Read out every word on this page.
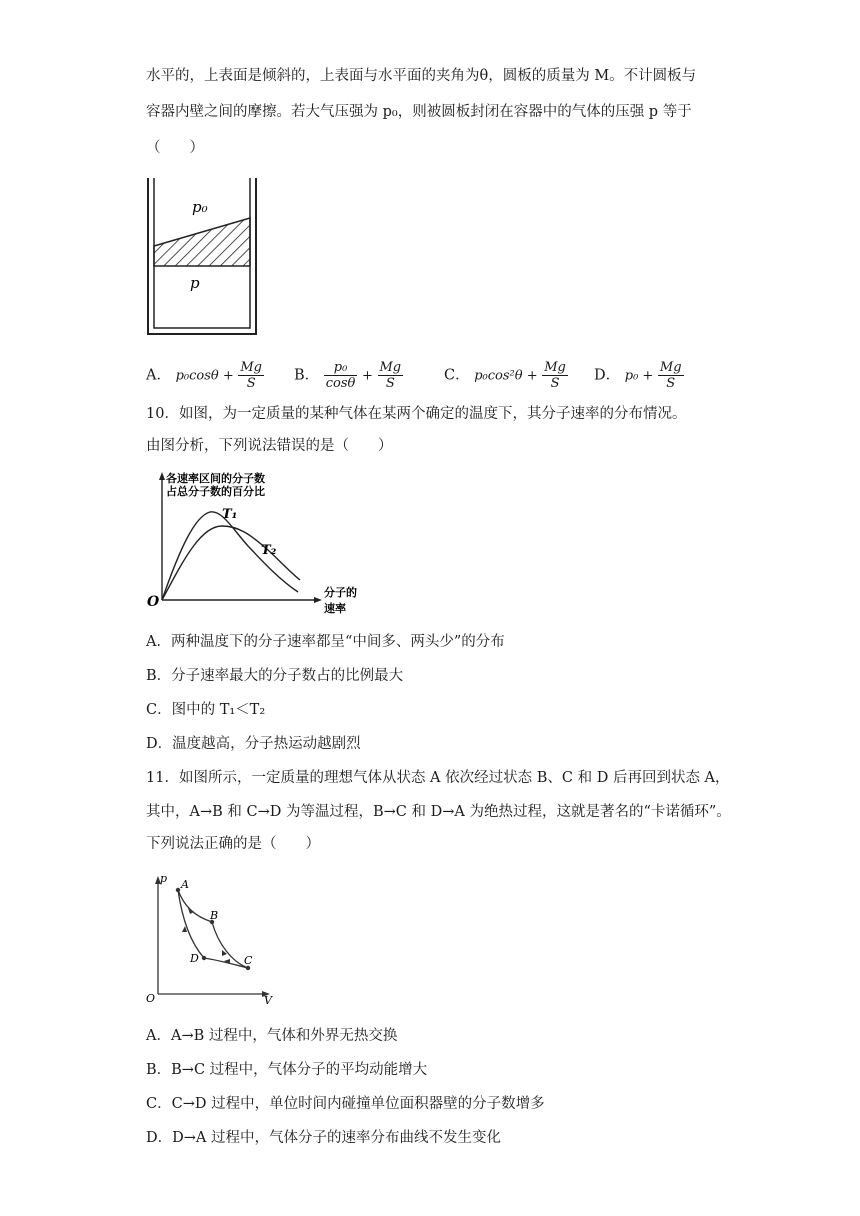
水平的，上表面是倾斜的，上表面与水平面的夹角为θ，圆板的质量为 M。不计圆板与
容器内壁之间的摩擦。若大气压强为 p₀，则被圆板封闭在容器中的气体的压强 p 等于
（　　）
p₀
p
A． $p_0\cos\theta + \frac{Mg}{S}$ B． $\frac{\text{p₀}}{\cos\theta} + \frac{Mg}{S}$	C． $p_0\cos^2\theta + \frac{Mg}{S}$ D． $p_0 + \frac{Mg}{S}$
10．如图，为一定质量的某种气体在某两个确定的温度下，其分子速率的分布情况。
由图分析，下列说法错误的是（　　）
各速率区间的分子数
占总分子数的百分比
T₁
T₂
O
分子的
速率
A．两种温度下的分子速率都呈“中间多、两头少”的分布
B．分子速率最大的分子数占的比例最大
C．图中的 T₁＜T₂
D．温度越高，分子热运动越剧烈
11．如图所示，一定质量的理想气体从状态 A 依次经过状态 B、C 和 D 后再回到状态 A，
其中，A→B 和 C→D 为等温过程，B→C 和 D→A 为绝热过程，这就是著名的“卡诺循环”。
下列说法正确的是（　　）
A
B
C
D
p
V
O
A．A→B 过程中，气体和外界无热交换
B．B→C 过程中，气体分子的平均动能增大
C．C→D 过程中，单位时间内碰撞单位面积器壁的分子数增多
D．D→A 过程中，气体分子的速率分布曲线不发生变化
